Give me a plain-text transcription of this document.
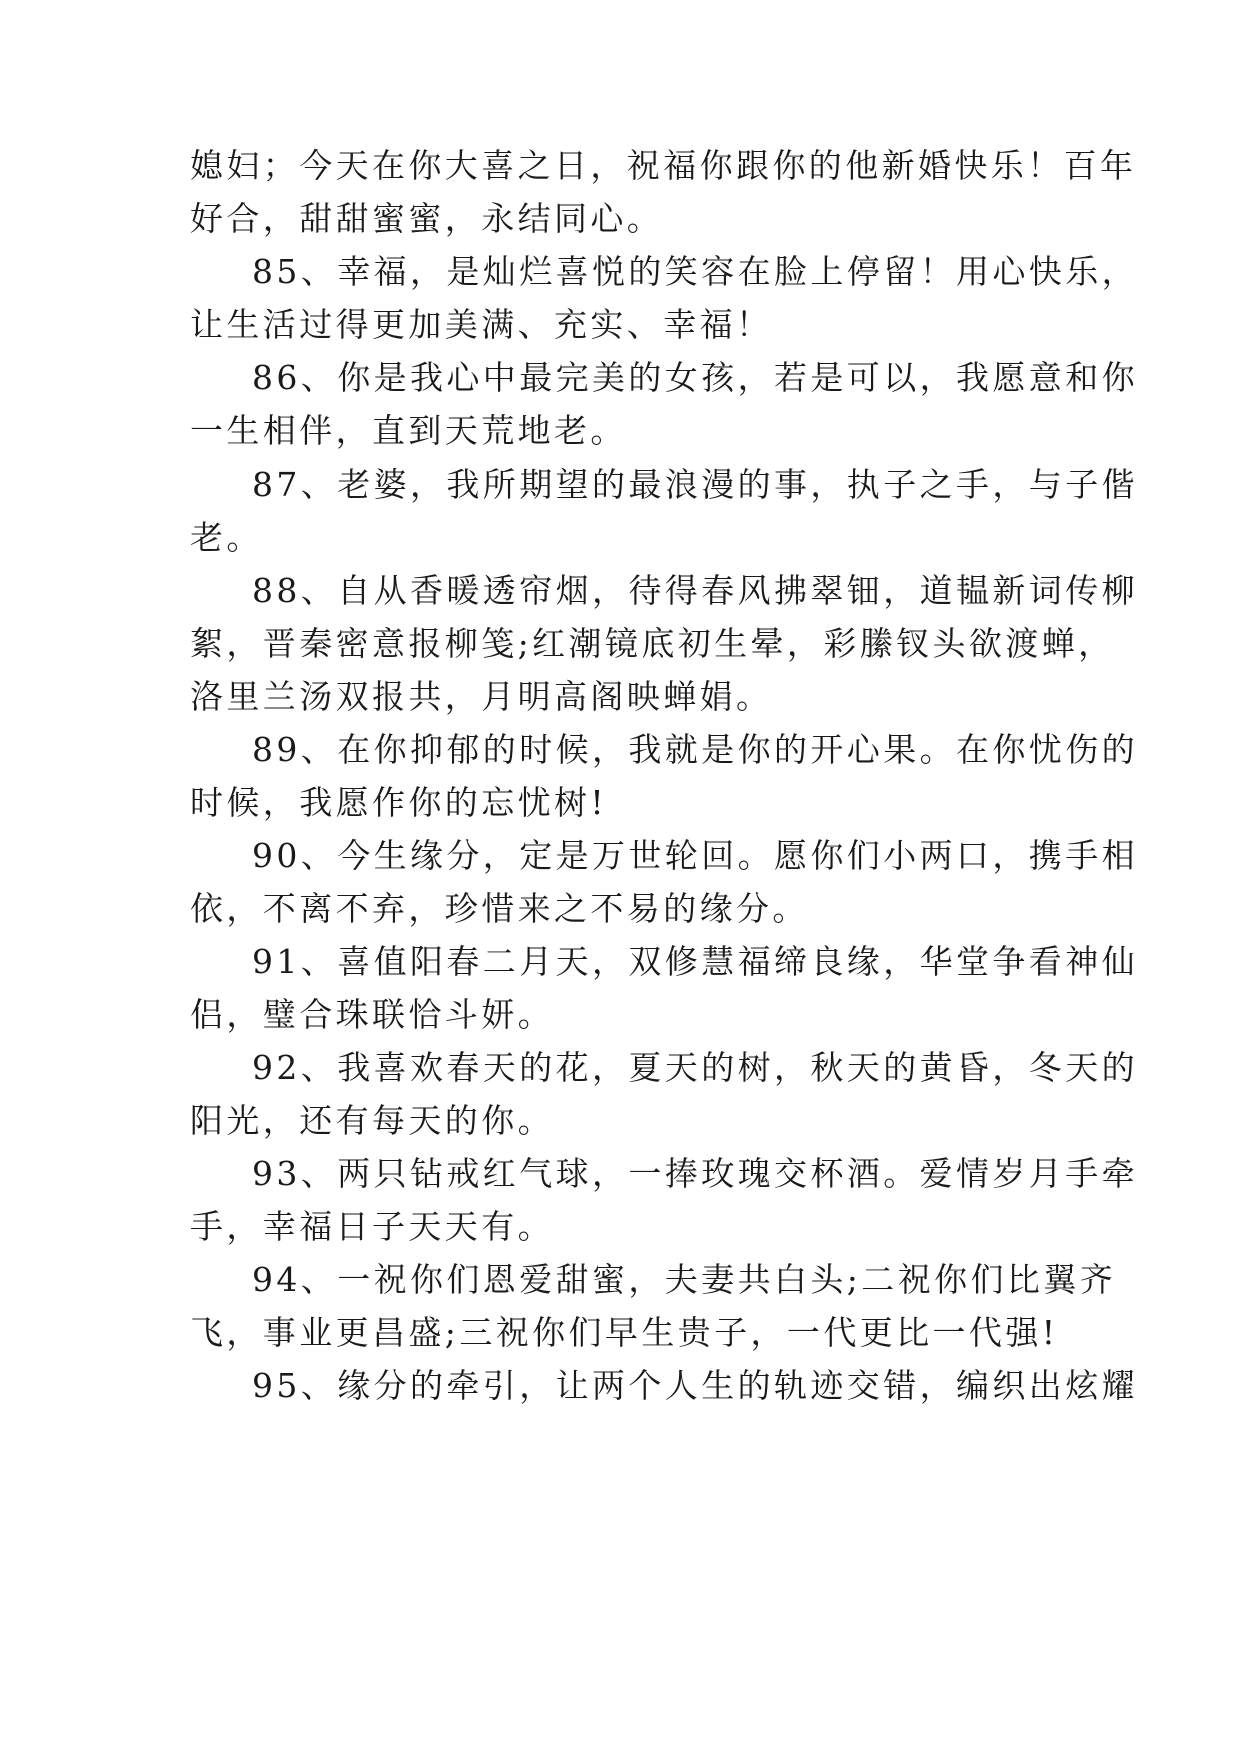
媳妇；今天在你大喜之日，祝福你跟你的他新婚快乐！百年
好合，甜甜蜜蜜，永结同心。
85、幸福，是灿烂喜悦的笑容在脸上停留！用心快乐，
让生活过得更加美满、充实、幸福！
86、你是我心中最完美的女孩，若是可以，我愿意和你
一生相伴，直到天荒地老。
87、老婆，我所期望的最浪漫的事，执子之手，与子偕
老。
88、自从香暖透帘烟，待得春风拂翠钿，道韫新词传柳
絮，晋秦密意报柳笺;红潮镜底初生晕，彩縢钗头欲渡蝉，
洛里兰汤双报共，月明高阁映蝉娟。
89、在你抑郁的时候，我就是你的开心果。在你忧伤的
时候，我愿作你的忘忧树!
90、今生缘分，定是万世轮回。愿你们小两口，携手相
依，不离不弃，珍惜来之不易的缘分。
91、喜值阳春二月天，双修慧福缔良缘，华堂争看神仙
侣，璧合珠联恰斗妍。
92、我喜欢春天的花，夏天的树，秋天的黄昏，冬天的
阳光，还有每天的你。
93、两只钻戒红气球，一捧玫瑰交杯酒。爱情岁月手牵
手，幸福日子天天有。
94、一祝你们恩爱甜蜜，夫妻共白头;二祝你们比翼齐
飞，事业更昌盛;三祝你们早生贵子，一代更比一代强!
95、缘分的牵引，让两个人生的轨迹交错，编织出炫耀
